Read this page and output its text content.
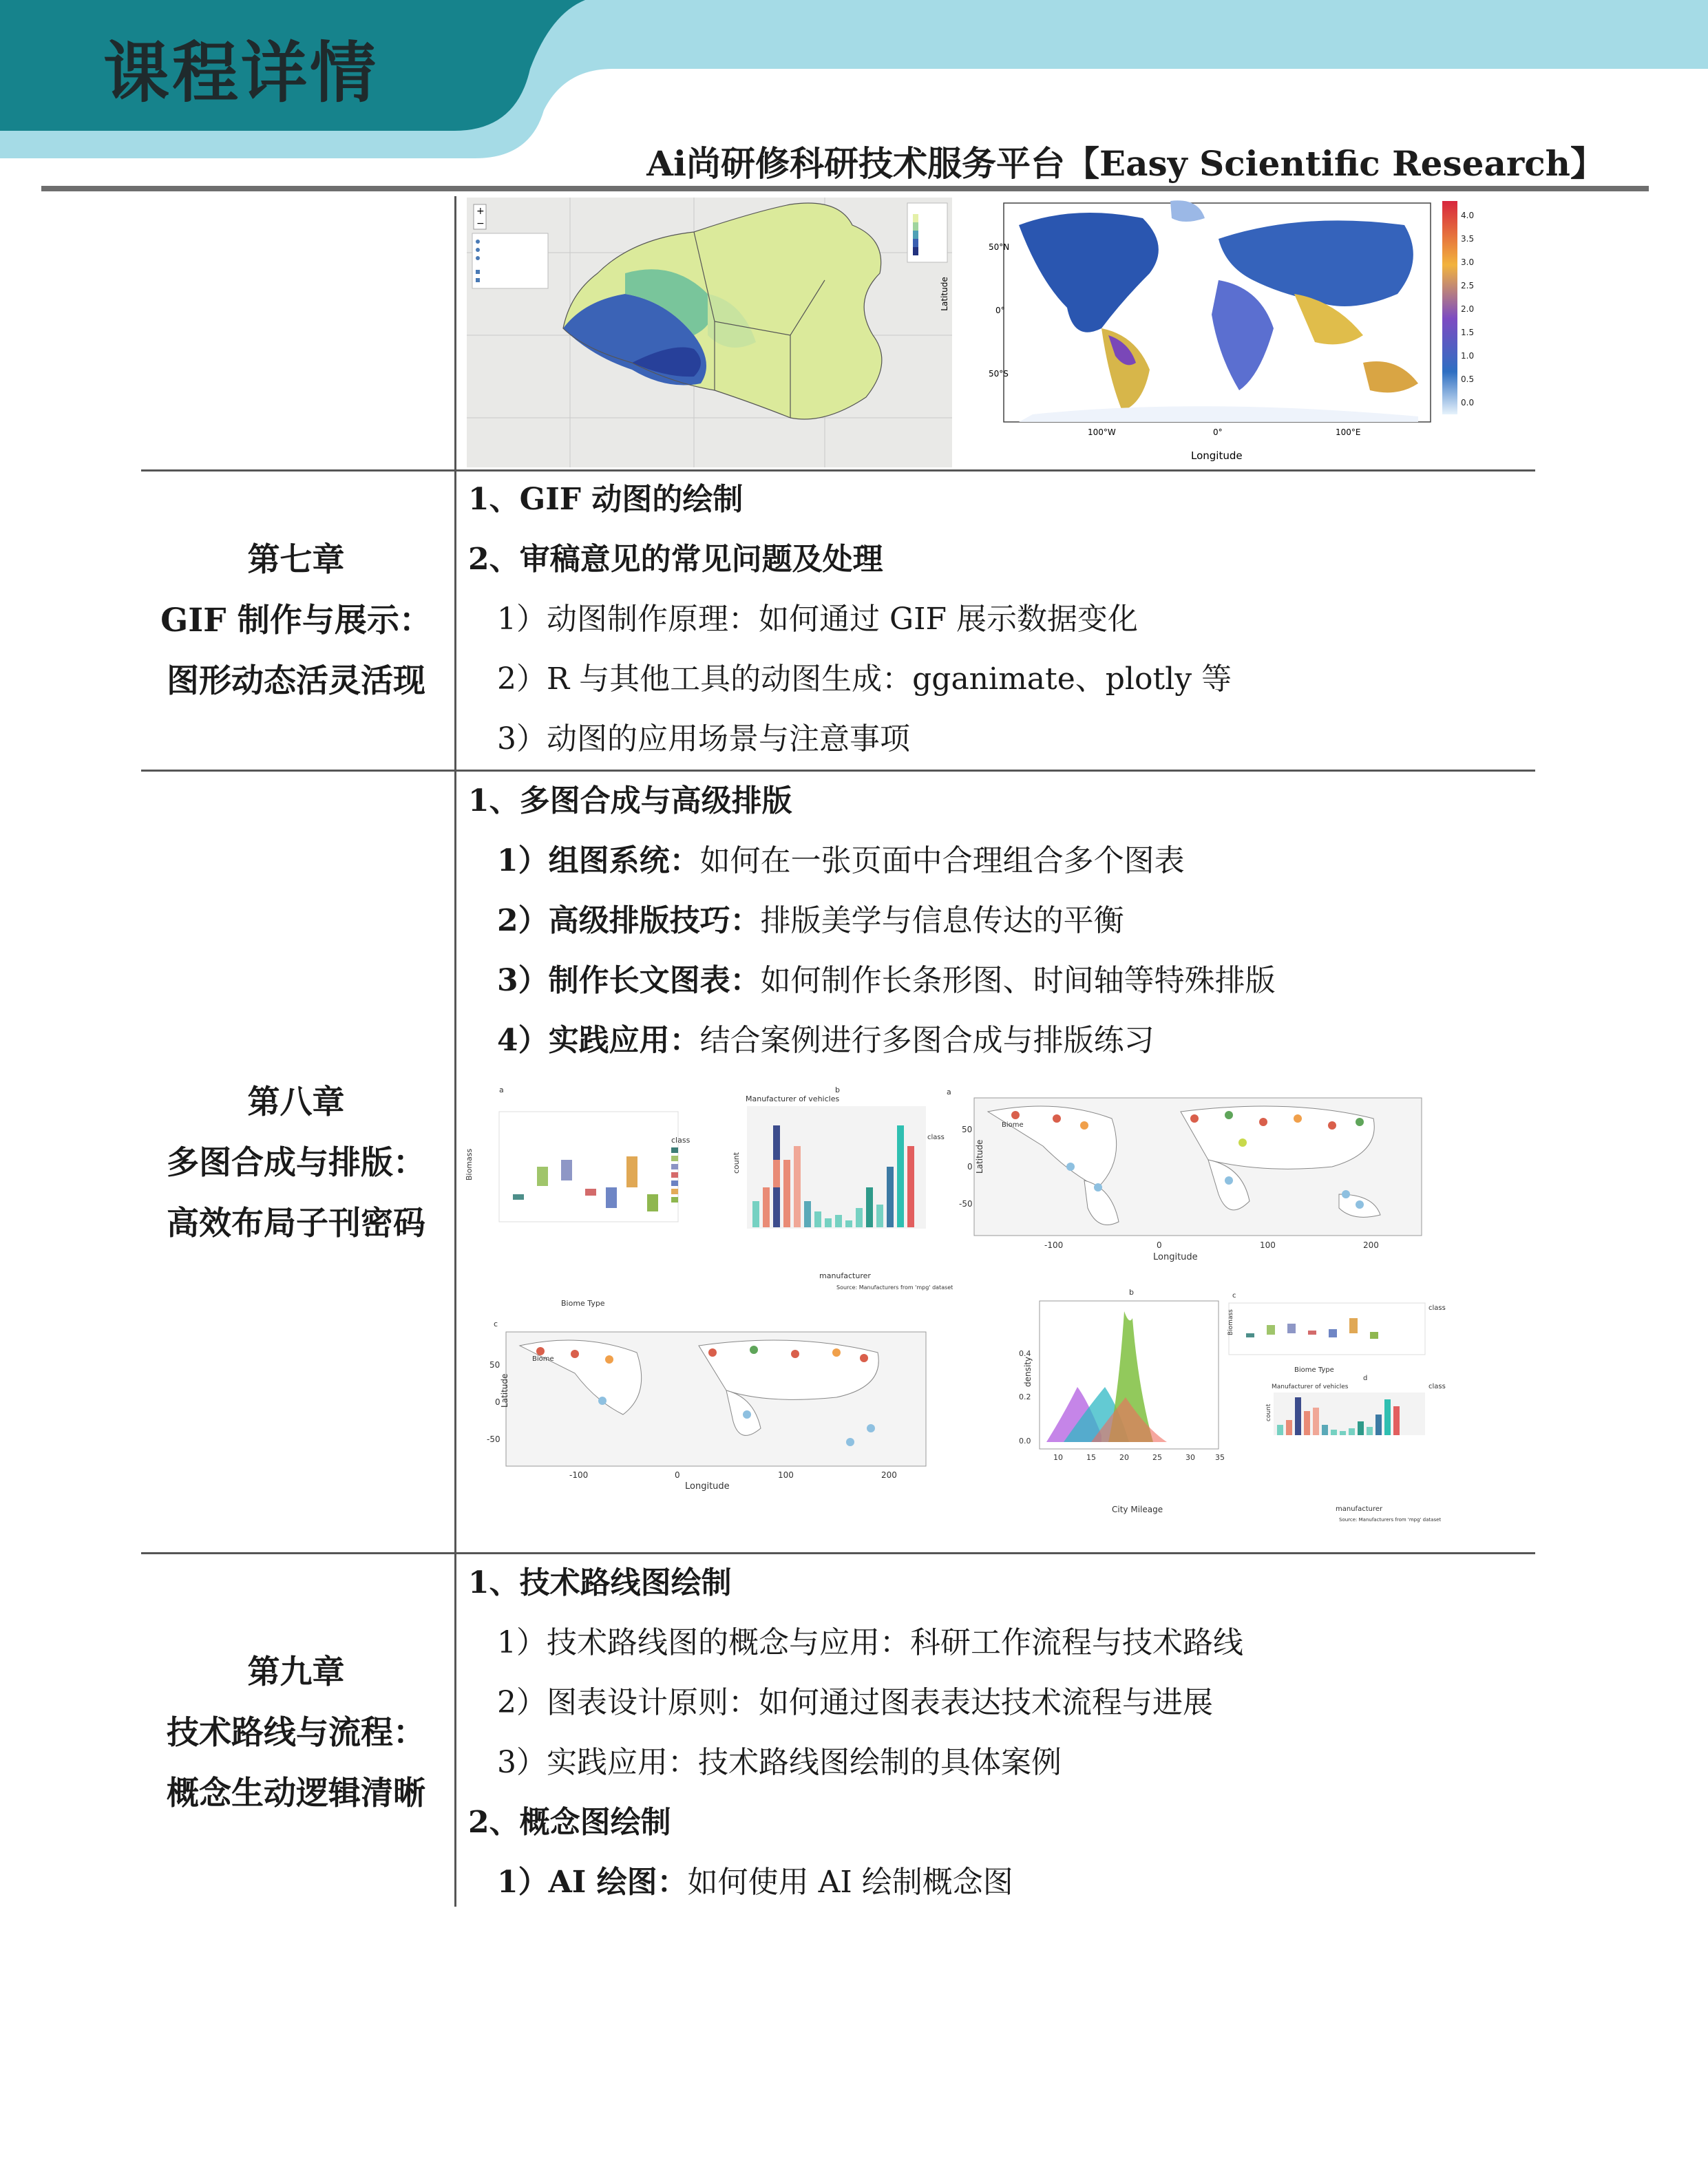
课程详情
Ai尚研修科研技术服务平台【Easy Scientific Research】
+
−
Latitude
50°N
0°
50°S
100°W	0°	100°E
Longitude
4.0
3.5
3.0
2.5
2.0
1.5
1.0
0.5
0.0
第七章
GIF 制作与展示：
图形动态活灵活现
1、GIF 动图的绘制
2、审稿意见的常见问题及处理
1）动图制作原理：如何通过 GIF 展示数据变化
2）R 与其他工具的动图生成：gganimate、plotly 等
3）动图的应用场景与注意事项
第八章
多图合成与排版：
高效布局子刊密码
1、多图合成与高级排版
1）组图系统：如何在一张页面中合理组合多个图表
2）高级排版技巧：排版美学与信息传达的平衡
3）制作长文图表：如何制作长条形图、时间轴等特殊排版
4）实践应用：结合案例进行多图合成与排版练习
a
Biomass
Biome Type
class
b
Manufacturer of vehicles
count
manufacturer
Source: Manufacturers from 'mpg' dataset
class
a
Biome
Latitude
50
0
-50
-100	0	100	200
Longitude
c
Biome
Latitude
50
0
-50
-100	0	100	200
Longitude
b
density
0.4
0.2
0.0
10	15	20	25	30	35
City Mileage
c
Biomass
Biome Type
class
d
Manufacturer of vehicles
count
manufacturer
Source: Manufacturers from 'mpg' dataset
class
第九章
技术路线与流程：
概念生动逻辑清晰
1、技术路线图绘制
1）技术路线图的概念与应用：科研工作流程与技术路线
2）图表设计原则：如何通过图表表达技术流程与进展
3）实践应用：技术路线图绘制的具体案例
2、概念图绘制
1）AI 绘图：如何使用 AI 绘制概念图
